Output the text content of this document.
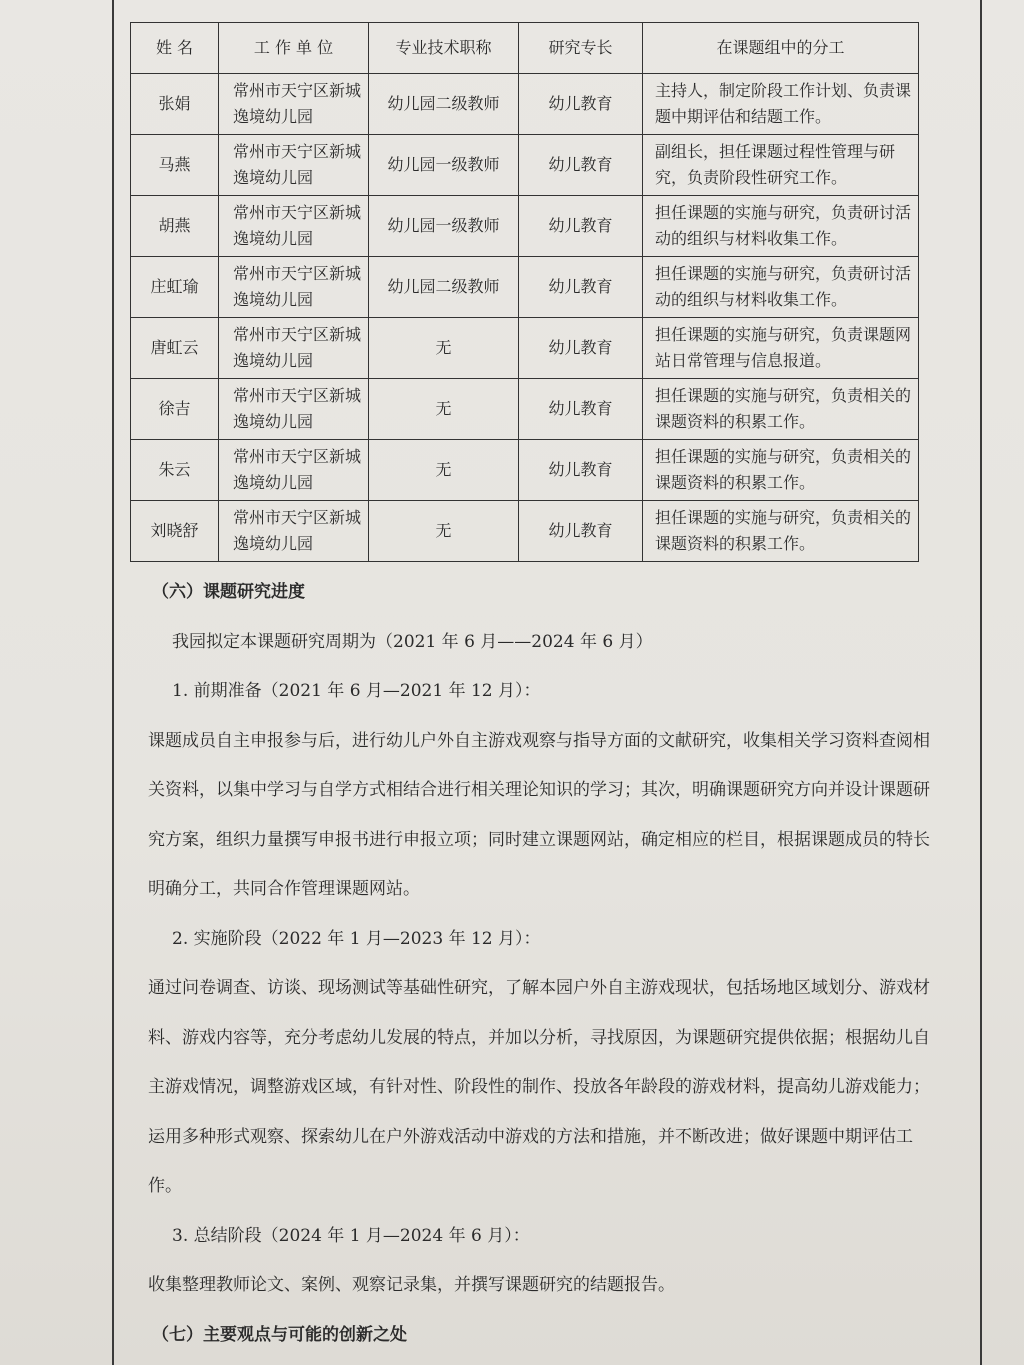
姓 名	工 作 单 位	专业技术职称	研究专长	在课题组中的分工
张娟	常州市天宁区新城逸境幼儿园	幼儿园二级教师	幼儿教育	主持人，制定阶段工作计划、负责课题中期评估和结题工作。
马燕	常州市天宁区新城逸境幼儿园	幼儿园一级教师	幼儿教育	副组长，担任课题过程性管理与研究，负责阶段性研究工作。
胡燕	常州市天宁区新城逸境幼儿园	幼儿园一级教师	幼儿教育	担任课题的实施与研究，负责研讨活动的组织与材料收集工作。
庄虹瑜	常州市天宁区新城逸境幼儿园	幼儿园二级教师	幼儿教育	担任课题的实施与研究，负责研讨活动的组织与材料收集工作。
唐虹云	常州市天宁区新城逸境幼儿园	无	幼儿教育	担任课题的实施与研究，负责课题网站日常管理与信息报道。
徐吉	常州市天宁区新城逸境幼儿园	无	幼儿教育	担任课题的实施与研究，负责相关的课题资料的积累工作。
朱云	常州市天宁区新城逸境幼儿园	无	幼儿教育	担任课题的实施与研究，负责相关的课题资料的积累工作。
刘晓舒	常州市天宁区新城逸境幼儿园	无	幼儿教育	担任课题的实施与研究，负责相关的课题资料的积累工作。

（六）课题研究进度

我园拟定本课题研究周期为（2021 年 6 月——2024 年 6 月）

1. 前期准备（2021 年 6 月—2021 年 12 月）：

课题成员自主申报参与后，进行幼儿户外自主游戏观察与指导方面的文献研究，收集相关学习资料查阅相关资料，以集中学习与自学方式相结合进行相关理论知识的学习；其次，明确课题研究方向并设计课题研究方案，组织力量撰写申报书进行申报立项；同时建立课题网站，确定相应的栏目，根据课题成员的特长明确分工，共同合作管理课题网站。

2. 实施阶段（2022 年 1 月—2023 年 12 月）：

通过问卷调查、访谈、现场测试等基础性研究，了解本园户外自主游戏现状，包括场地区域划分、游戏材料、游戏内容等，充分考虑幼儿发展的特点，并加以分析，寻找原因，为课题研究提供依据；根据幼儿自主游戏情况，调整游戏区域，有针对性、阶段性的制作、投放各年龄段的游戏材料，提高幼儿游戏能力；运用多种形式观察、探索幼儿在户外游戏活动中游戏的方法和措施，并不断改进；做好课题中期评估工作。

3. 总结阶段（2024 年 1 月—2024 年 6 月）：

收集整理教师论文、案例、观察记录集，并撰写课题研究的结题报告。

（七）主要观点与可能的创新之处
